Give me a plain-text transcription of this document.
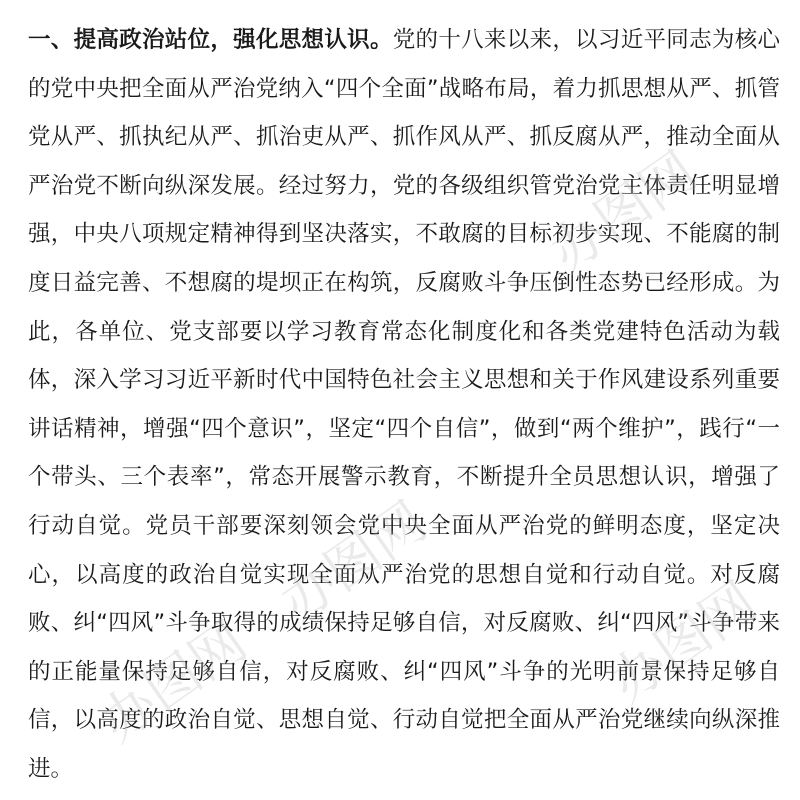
一、提高政治站位，强化思想认识。党的十八来以来，以习近平同志为核心的党中央把全面从严治党纳入“四个全面”战略布局，着力抓思想从严、抓管党从严、抓执纪从严、抓治吏从严、抓作风从严、抓反腐从严，推动全面从严治党不断向纵深发展。经过努力，党的各级组织管党治党主体责任明显增强，中央八项规定精神得到坚决落实，不敢腐的目标初步实现、不能腐的制度日益完善、不想腐的堤坝正在构筑，反腐败斗争压倒性态势已经形成。为此，各单位、党支部要以学习教育常态化制度化和各类党建特色活动为载体，深入学习习近平新时代中国特色社会主义思想和关于作风建设系列重要讲话精神，增强“四个意识”，坚定“四个自信”，做到“两个维护”，践行“一个带头、三个表率”，常态开展警示教育，不断提升全员思想认识，增强了行动自觉。党员干部要深刻领会党中央全面从严治党的鲜明态度，坚定决心，以高度的政治自觉实现全面从严治党的思想自觉和行动自觉。对反腐败、纠“四风”斗争取得的成绩保持足够自信，对反腐败、纠“四风”斗争带来的正能量保持足够自信，对反腐败、纠“四风”斗争的光明前景保持足够自信，以高度的政治自觉、思想自觉、行动自觉把全面从严治党继续向纵深推进。

办图网
办图网
办图网
办图网
